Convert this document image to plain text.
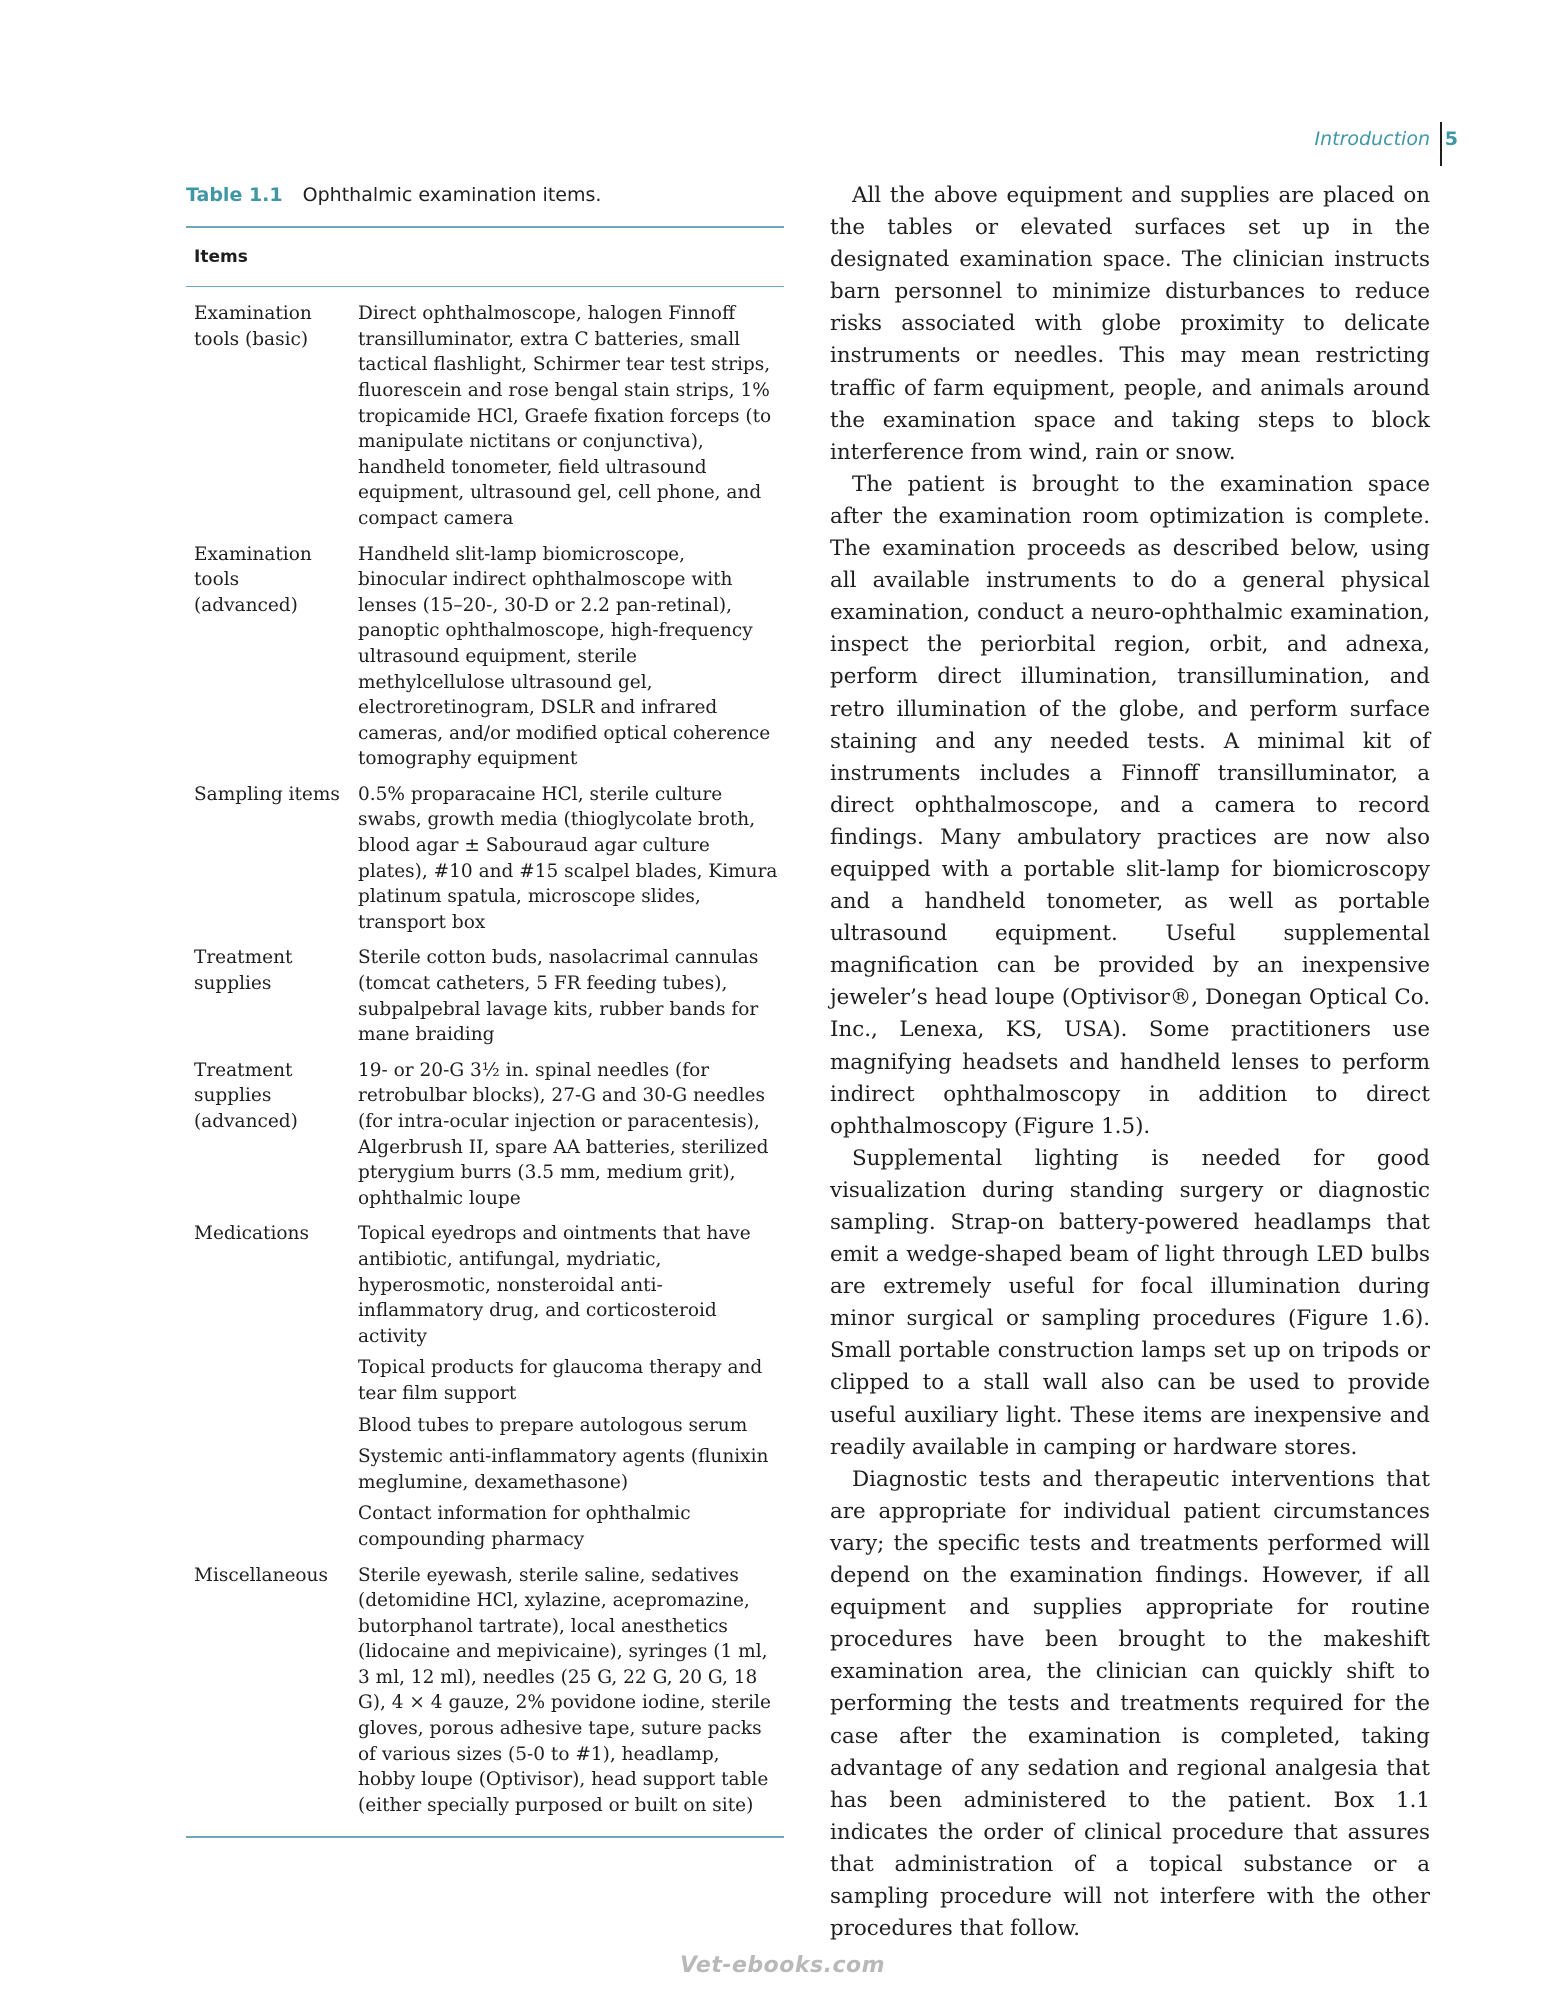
Introduction 5
Table 1.1 Ophthalmic examination items.
Items
Examination
tools (basic)

Direct ophthalmoscope, halogen Finnoff transilluminator, extra C batteries, small tactical flashlight, Schirmer tear test strips, fluorescein and rose bengal stain strips, 1% tropicamide HCl, Graefe fixation forceps (to manipulate nictitans or conjunctiva), handheld tonometer, field ultrasound equipment, ultrasound gel, cell phone, and compact camera

Examination
tools
(advanced)

Handheld slit-lamp biomicroscope, binocular indirect ophthalmoscope with lenses (15–20-, 30-D or 2.2 pan-retinal), panoptic ophthalmoscope, high-frequency ultrasound equipment, sterile methylcellulose ultrasound gel, electroretinogram, DSLR and infrared cameras, and/or modified optical coherence tomography equipment

Sampling items 0.5% proparacaine HCl, sterile culture swabs, growth media (thioglycolate broth, blood agar ± Sabouraud agar culture plates), #10 and #15 scalpel blades, Kimura platinum spatula, microscope slides, transport box

Treatment
supplies

Sterile cotton buds, nasolacrimal cannulas (tomcat catheters, 5 FR feeding tubes), subpalpebral lavage kits, rubber bands for mane braiding

Treatment
supplies
(advanced)

19- or 20-G 3½ in. spinal needles (for retrobulbar blocks), 27-G and 30-G needles (for intra-ocular injection or paracentesis), Algerbrush II, spare AA batteries, sterilized pterygium burrs (3.5 mm, medium grit), ophthalmic loupe

Medications	Topical eyedrops and ointments that have antibiotic, antifungal, mydriatic, hyperosmotic, nonsteroidal anti-inflammatory drug, and corticosteroid activity

Topical products for glaucoma therapy and tear film support

Blood tubes to prepare autologous serum

Systemic anti-inflammatory agents (flunixin meglumine, dexamethasone)

Contact information for ophthalmic compounding pharmacy

Miscellaneous	Sterile eyewash, sterile saline, sedatives (detomidine HCl, xylazine, acepromazine, butorphanol tartrate), local anesthetics (lidocaine and mepivicaine), syringes (1 ml, 3 ml, 12 ml), needles (25 G, 22 G, 20 G, 18 G), 4 × 4 gauze, 2% povidone iodine, sterile gloves, porous adhesive tape, suture packs of various sizes (5-0 to #1), headlamp, hobby loupe (Optivisor), head support table (either specially purposed or built on site)

All the above equipment and supplies are placed on the tables or elevated surfaces set up in the designated examination space. The clinician instructs barn personnel to minimize disturbances to reduce risks associated with globe proximity to delicate instruments or needles. This may mean restricting traffic of farm equipment, people, and animals around the examination space and taking steps to block interference from wind, rain or snow.

The patient is brought to the examination space after the examination room optimization is complete. The examination proceeds as described below, using all available instruments to do a general physical examination, conduct a neuro-ophthalmic examination, inspect the periorbital region, orbit, and adnexa, perform direct illumination, transillumination, and retro illumination of the globe, and perform surface staining and any needed tests. A minimal kit of instruments includes a Finnoff transilluminator, a direct ophthalmoscope, and a camera to record findings. Many ambulatory practices are now also equipped with a portable slit-lamp for biomicroscopy and a handheld tonometer, as well as portable ultrasound equipment. Useful supplemental magnification can be provided by an inexpensive jeweler’s head loupe (Optivisor®, Donegan Optical Co. Inc., Lenexa, KS, USA). Some practitioners use magnifying headsets and handheld lenses to perform indirect ophthalmoscopy in addition to direct ophthalmoscopy (Figure 1.5).

Supplemental lighting is needed for good visualization during standing surgery or diagnostic sampling. Strap-on battery-powered headlamps that emit a wedge-shaped beam of light through LED bulbs are extremely useful for focal illumination during minor surgical or sampling procedures (Figure 1.6). Small portable construction lamps set up on tripods or clipped to a stall wall also can be used to provide useful auxiliary light. These items are inexpensive and readily available in camping or hardware stores.

Diagnostic tests and therapeutic interventions that are appropriate for individual patient circumstances vary; the specific tests and treatments performed will depend on the examination findings. However, if all equipment and supplies appropriate for routine procedures have been brought to the makeshift examination area, the clinician can quickly shift to performing the tests and treatments required for the case after the examination is completed, taking advantage of any sedation and regional analgesia that has been administered to the patient. Box 1.1 indicates the order of clinical procedure that assures that administration of a topical substance or a sampling procedure will not interfere with the other procedures that follow.

Vet-ebooks.com
